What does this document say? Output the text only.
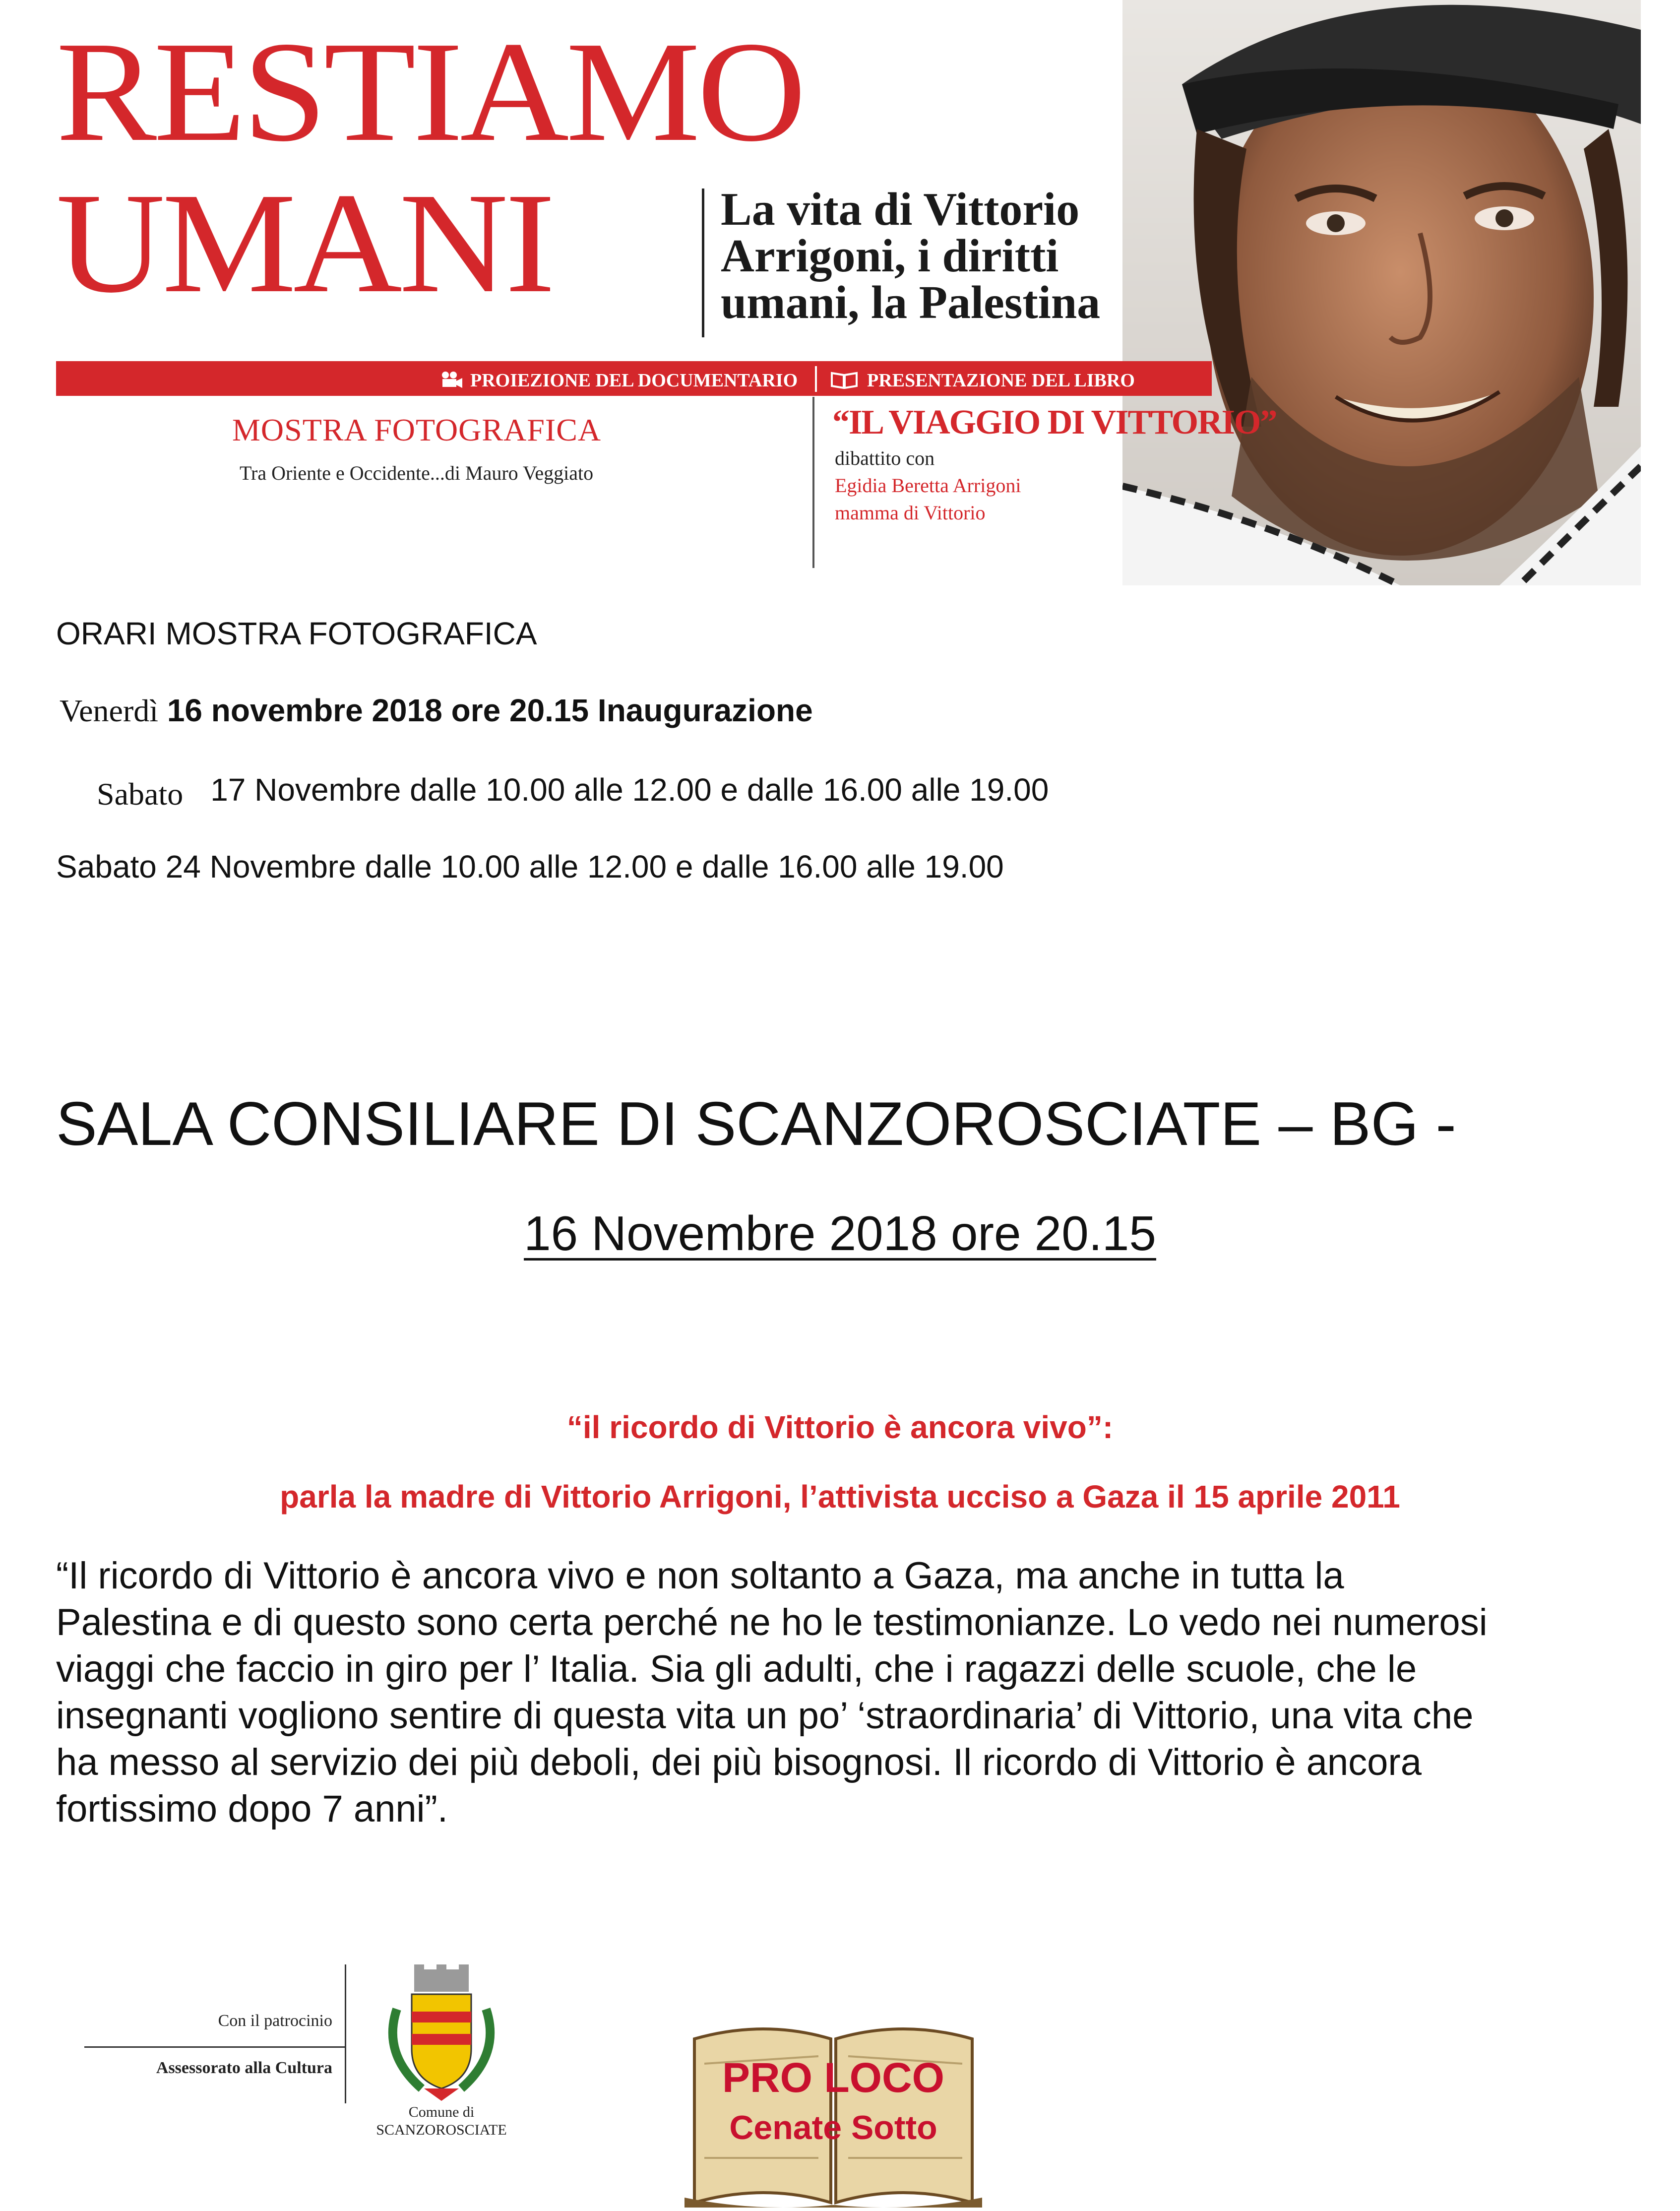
RESTIAMO
UMANI	La vita di Vittorio
Arrigoni, i diritti
umani, la Palestina
PROIEZIONE DEL DOCUMENTARIO	PRESENTAZIONE DEL LIBRO
MOSTRA FOTOGRAFICA
Tra Oriente e Occidente...di Mauro Veggiato
“IL VIAGGIO DI VITTORIO”
dibattito con
Egidia Beretta Arrigoni
mamma di Vittorio
ORARI MOSTRA FOTOGRAFICA
Venerdì 16 novembre 2018 ore 20.15 Inaugurazione
Sabato 17 Novembre dalle 10.00 alle 12.00 e dalle 16.00 alle 19.00
Sabato 24 Novembre dalle 10.00 alle 12.00 e dalle 16.00 alle 19.00
SALA CONSILIARE DI SCANZOROSCIATE – BG -
16 Novembre 2018 ore 20.15
“il ricordo di Vittorio è ancora vivo”:
parla la madre di Vittorio Arrigoni, l’attivista ucciso a Gaza il 15 aprile 2011
“Il ricordo di Vittorio è ancora vivo e non soltanto a Gaza, ma anche in tutta la Palestina e di questo sono certa perché ne ho le testimonianze. Lo vedo nei numerosi viaggi che faccio in giro per l’ Italia. Sia gli adulti, che i ragazzi delle scuole, che le insegnanti vogliono sentire di questa vita un po’ ‘straordinaria’ di Vittorio, una vita che ha messo al servizio dei più deboli, dei più bisognosi. Il ricordo di Vittorio è ancora fortissimo dopo 7 anni”.
Con il patrocinio
Assessorato alla Cultura
Comune di
SCANZOROSCIATE
PRO LOCO
Cenate Sotto
